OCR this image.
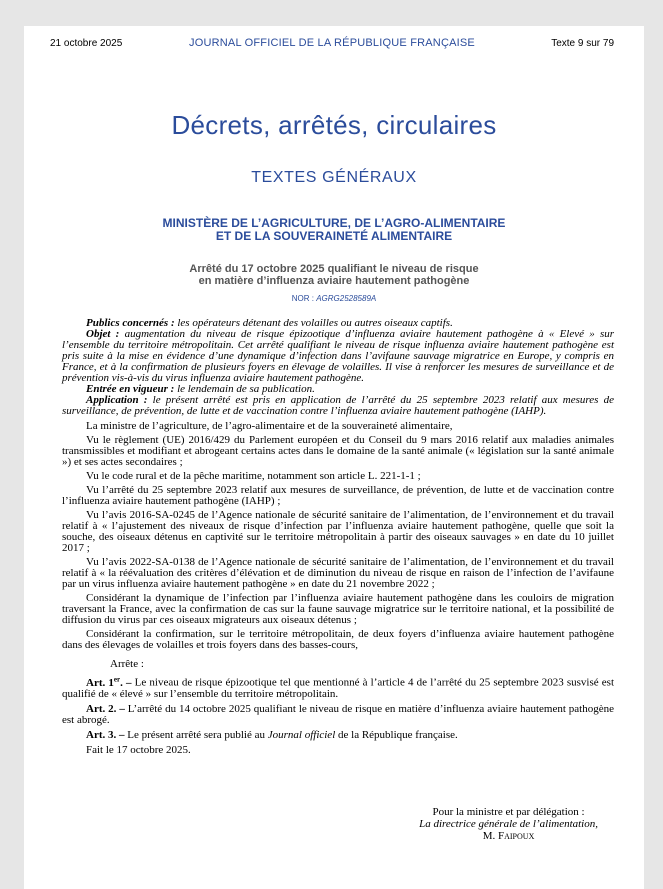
21 octobre 2025	JOURNAL OFFICIEL DE LA RÉPUBLIQUE FRANÇAISE	Texte 9 sur 79
Décrets, arrêtés, circulaires
TEXTES GÉNÉRAUX
MINISTÈRE DE L’AGRICULTURE, DE L’AGRO-ALIMENTAIRE
ET DE LA SOUVERAINETÉ ALIMENTAIRE
Arrêté du 17 octobre 2025 qualifiant le niveau de risque
en matière d’influenza aviaire hautement pathogène
NOR : AGRG2528589A

Publics concernés : les opérateurs détenant des volailles ou autres oiseaux captifs.

Objet : augmentation du niveau de risque épizootique d’influenza aviaire hautement pathogène à « Elevé » sur l’ensemble du territoire métropolitain. Cet arrêté qualifiant le niveau de risque influenza aviaire hautement pathogène est pris suite à la mise en évidence d’une dynamique d’infection dans l’avifaune sauvage migratrice en Europe, y compris en France, et à la confirmation de plusieurs foyers en élevage de volailles. Il vise à renforcer les mesures de surveillance et de prévention vis-à-vis du virus influenza aviaire hautement pathogène.

Entrée en vigueur : le lendemain de sa publication.

Application : le présent arrêté est pris en application de l’arrêté du 25 septembre 2023 relatif aux mesures de surveillance, de prévention, de lutte et de vaccination contre l’influenza aviaire hautement pathogène (IAHP).

La ministre de l’agriculture, de l’agro-alimentaire et de la souveraineté alimentaire,

Vu le règlement (UE) 2016/429 du Parlement européen et du Conseil du 9 mars 2016 relatif aux maladies animales transmissibles et modifiant et abrogeant certains actes dans le domaine de la santé animale (« législation sur la santé animale ») et ses actes secondaires ;

Vu le code rural et de la pêche maritime, notamment son article L. 221-1-1 ;

Vu l’arrêté du 25 septembre 2023 relatif aux mesures de surveillance, de prévention, de lutte et de vaccination contre l’influenza aviaire hautement pathogène (IAHP) ;

Vu l’avis 2016-SA-0245 de l’Agence nationale de sécurité sanitaire de l’alimentation, de l’environnement et du travail relatif à « l’ajustement des niveaux de risque d’infection par l’influenza aviaire hautement pathogène, quelle que soit la souche, des oiseaux détenus en captivité sur le territoire métropolitain à partir des oiseaux sauvages » en date du 10 juillet 2017 ;

Vu l’avis 2022-SA-0138 de l’Agence nationale de sécurité sanitaire de l’alimentation, de l’environnement et du travail relatif à « la réévaluation des critères d’élévation et de diminution du niveau de risque en raison de l’infection de l’avifaune par un virus influenza aviaire hautement pathogène » en date du 21 novembre 2022 ;

Considérant la dynamique de l’infection par l’influenza aviaire hautement pathogène dans les couloirs de migration traversant la France, avec la confirmation de cas sur la faune sauvage migratrice sur le territoire national, et la possibilité de diffusion du virus par ces oiseaux migrateurs aux oiseaux détenus ;

Considérant la confirmation, sur le territoire métropolitain, de deux foyers d’influenza aviaire hautement pathogène dans des élevages de volailles et trois foyers dans des basses-cours,

Arrête :

Art. 1er. – Le niveau de risque épizootique tel que mentionné à l’article 4 de l’arrêté du 25 septembre 2023 susvisé est qualifié de « élevé » sur l’ensemble du territoire métropolitain.

Art. 2. – L’arrêté du 14 octobre 2025 qualifiant le niveau de risque en matière d’influenza aviaire hautement pathogène est abrogé.

Art. 3. – Le présent arrêté sera publié au Journal officiel de la République française.

Fait le 17 octobre 2025.

Pour la ministre et par délégation :
La directrice générale de l’alimentation,
M. Faipoux
